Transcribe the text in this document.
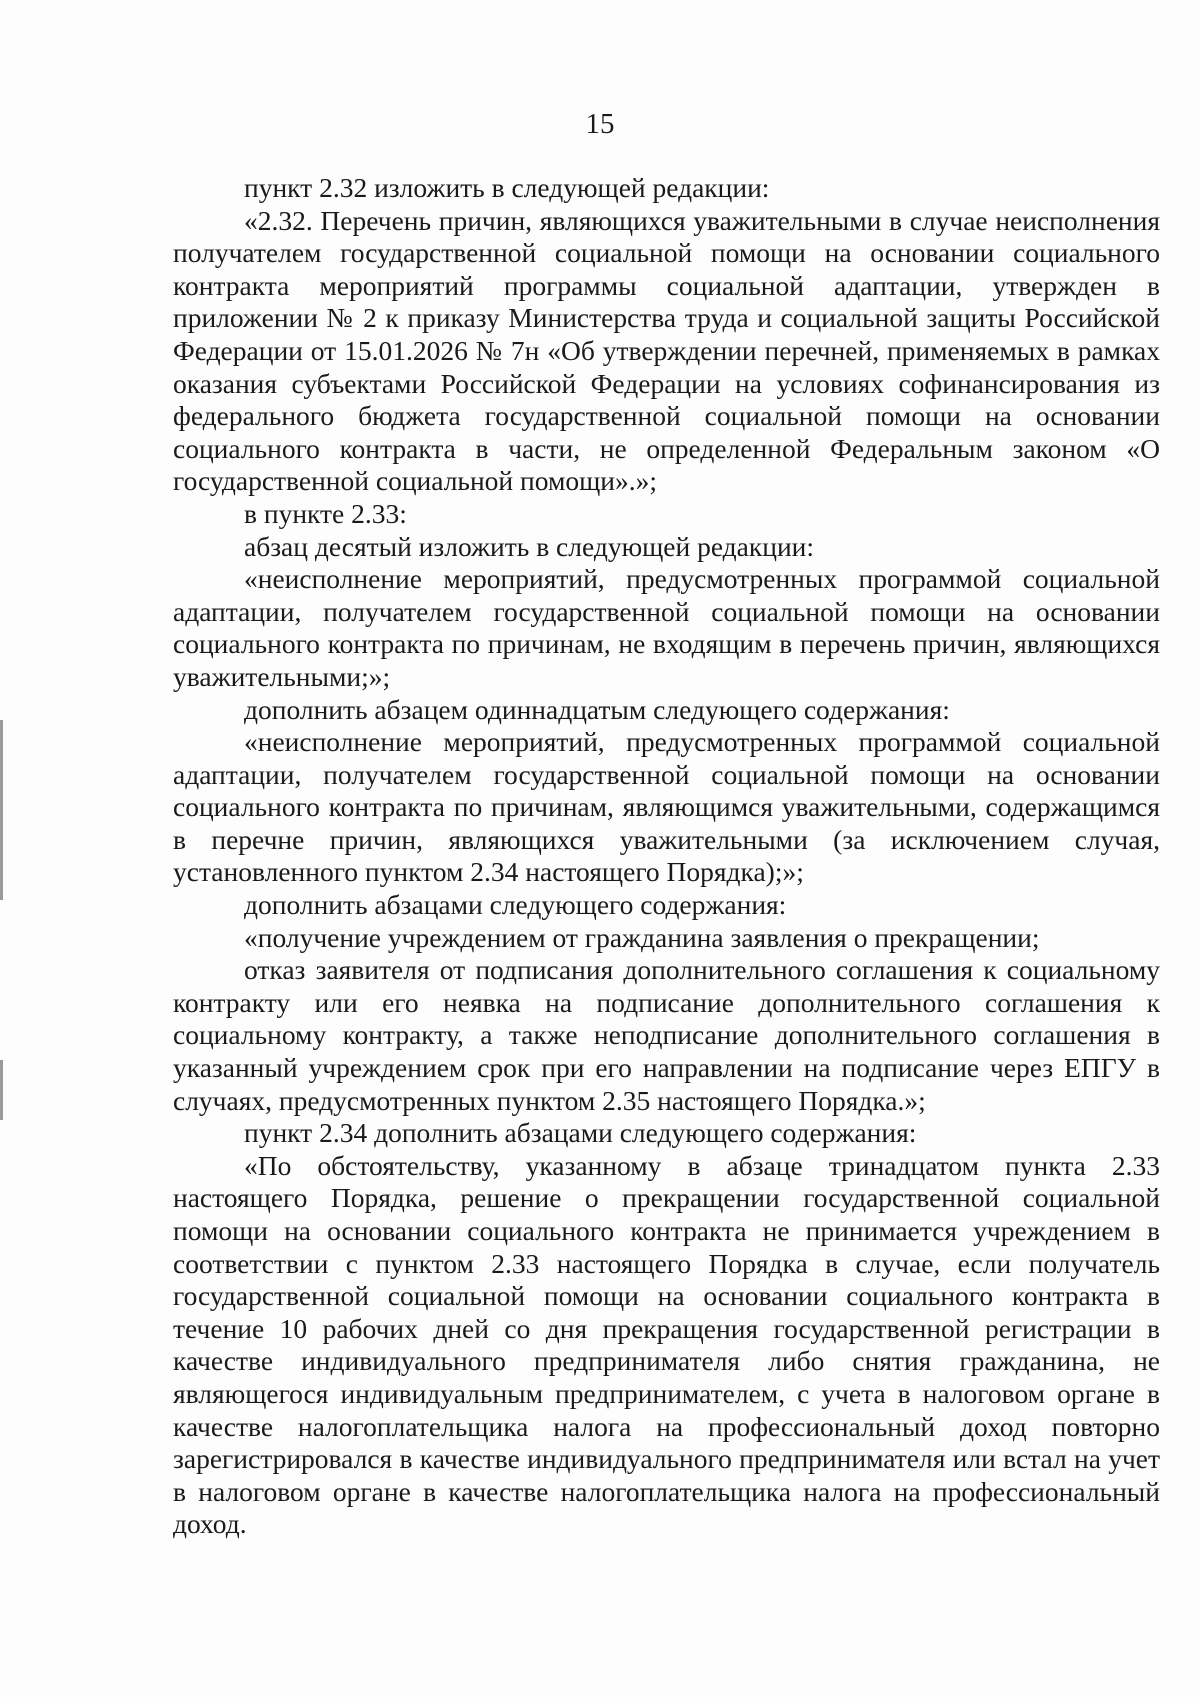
15

пункт 2.32 изложить в следующей редакции:

«2.32. Перечень причин, являющихся уважительными в случае неисполнения получателем государственной социальной помощи на основании социального контракта мероприятий программы социальной адаптации, утвержден в приложении № 2 к приказу Министерства труда и социальной защиты Российской Федерации от 15.01.2026 № 7н «Об утверждении перечней, применяемых в рамках оказания субъектами Российской Федерации на условиях софинансирования из федерального бюджета государственной социальной помощи на основании социального контракта в части, не определенной Федеральным законом «О государственной социальной помощи».»;

в пункте 2.33:

абзац десятый изложить в следующей редакции:

«неисполнение мероприятий, предусмотренных программой социальной адаптации, получателем государственной социальной помощи на основании социального контракта по причинам, не входящим в перечень причин, являющихся уважительными;»;

дополнить абзацем одиннадцатым следующего содержания:

«неисполнение мероприятий, предусмотренных программой социальной адаптации, получателем государственной социальной помощи на основании социального контракта по причинам, являющимся уважительными, содержащимся в перечне причин, являющихся уважительными (за исключением случая, установленного пунктом 2.34 настоящего Порядка);»;

дополнить абзацами следующего содержания:

«получение учреждением от гражданина заявления о прекращении;

отказ заявителя от подписания дополнительного соглашения к социальному контракту или его неявка на подписание дополнительного соглашения к социальному контракту, а также неподписание дополнительного соглашения в указанный учреждением срок при его направлении на подписание через ЕПГУ в случаях, предусмотренных пунктом 2.35 настоящего Порядка.»;

пункт 2.34 дополнить абзацами следующего содержания:

«По обстоятельству, указанному в абзаце тринадцатом пункта 2.33 настоящего Порядка, решение о прекращении государственной социальной помощи на основании социального контракта не принимается учреждением в соответствии с пунктом 2.33 настоящего Порядка в случае, если получатель государственной социальной помощи на основании социального контракта в течение 10 рабочих дней со дня прекращения государственной регистрации в качестве индивидуального предпринимателя либо снятия гражданина, не являющегося индивидуальным предпринимателем, с учета в налоговом органе в качестве налогоплательщика налога на профессиональный доход повторно зарегистрировался в качестве индивидуального предпринимателя или встал на учет в налоговом органе в качестве налогоплательщика налога на профессиональный доход.
